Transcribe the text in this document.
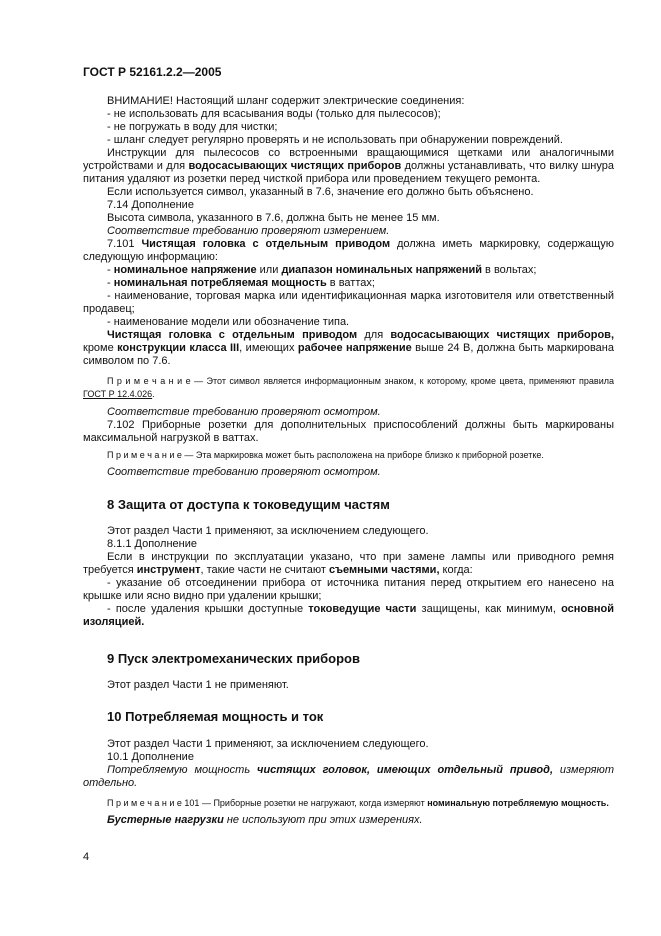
ГОСТ Р 52161.2.2—2005

ВНИМАНИЕ! Настоящий шланг содержит электрические соединения:

- не использовать для всасывания воды (только для пылесосов);

- не погружать в воду для чистки;

- шланг следует регулярно проверять и не использовать при обнаружении повреждений.

Инструкции для пылесосов со встроенными вращающимися щетками или аналогичными устройствами и для водосасывающих чистящих приборов должны устанавливать, что вилку шнура питания удаляют из розетки перед чисткой прибора или проведением текущего ремонта.

Если используется символ, указанный в 7.6, значение его должно быть объяснено.

7.14 Дополнение

Высота символа, указанного в 7.6, должна быть не менее 15 мм.

Соответствие требованию проверяют измерением.

7.101 Чистящая головка с отдельным приводом должна иметь маркировку, содержащую следующую информацию:

- номинальное напряжение или диапазон номинальных напряжений в вольтах;

- номинальная потребляемая мощность в ваттах;

- наименование, торговая марка или идентификационная марка изготовителя или ответственный продавец;

- наименование модели или обозначение типа.

Чистящая головка с отдельным приводом для водосасывающих чистящих приборов, кроме конструкции класса III, имеющих рабочее напряжение выше 24 В, должна быть маркирована символом по 7.6.

П р и м е ч а н и е — Этот символ является информационным знаком, к которому, кроме цвета, применяют правила ГОСТ Р 12.4.026.

Соответствие требованию проверяют осмотром.

7.102 Приборные розетки для дополнительных приспособлений должны быть маркированы максимальной нагрузкой в ваттах.

П р и м е ч а н и е — Эта маркировка может быть расположена на приборе близко к приборной розетке.

Соответствие требованию проверяют осмотром.

8 Защита от доступа к токоведущим частям

Этот раздел Части 1 применяют, за исключением следующего.

8.1.1 Дополнение

Если в инструкции по эксплуатации указано, что при замене лампы или приводного ремня требуется инструмент, такие части не считают съемными частями, когда:

- указание об отсоединении прибора от источника питания перед открытием его нанесено на крышке или ясно видно при удалении крышки;

- после удаления крышки доступные токоведущие части защищены, как минимум, основной изоляцией.

9 Пуск электромеханических приборов

Этот раздел Части 1 не применяют.

10 Потребляемая мощность и ток

Этот раздел Части 1 применяют, за исключением следующего.

10.1 Дополнение

Потребляемую мощность чистящих головок, имеющих отдельный привод, измеряют отдельно.

П р и м е ч а н и е 101 — Приборные розетки не нагружают, когда измеряют номинальную потребляемую мощность.

Бустерные нагрузки не используют при этих измерениях.

4
